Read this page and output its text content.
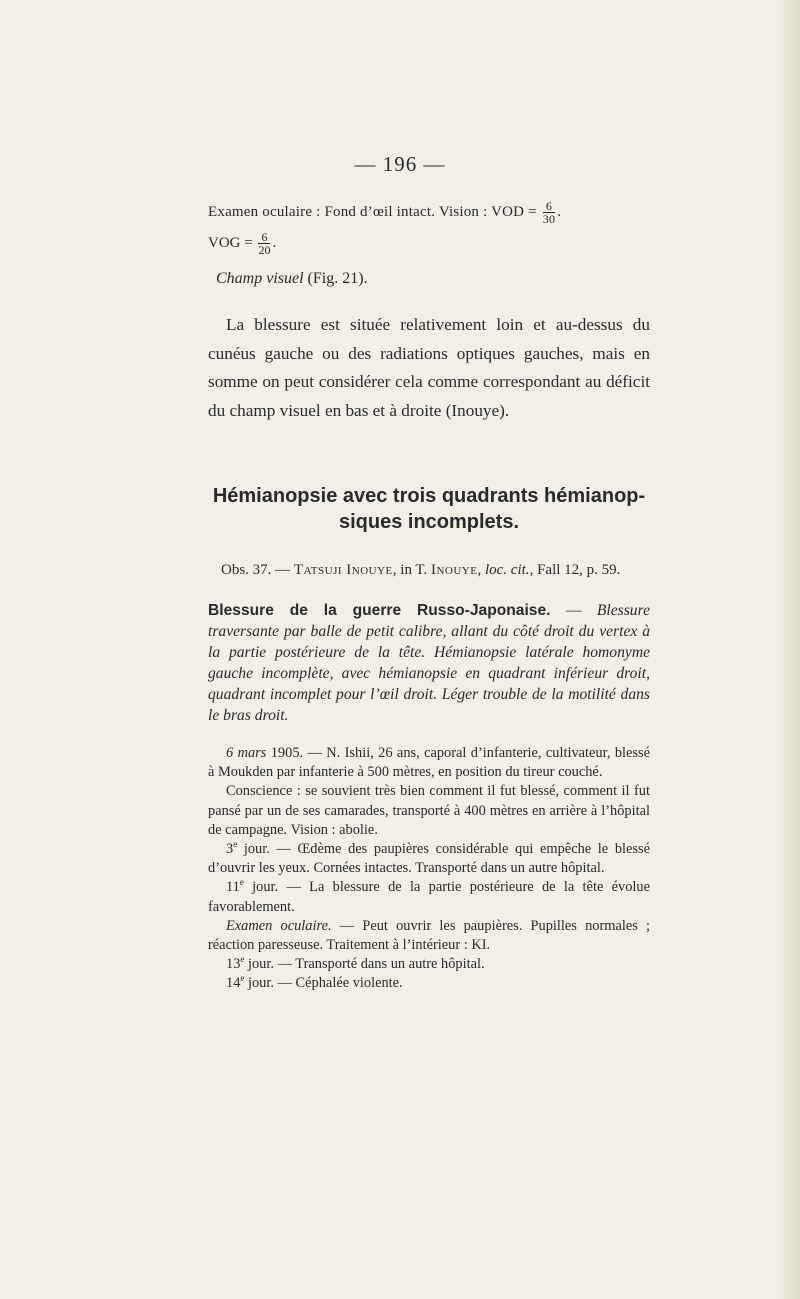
— 196 —
Examen oculaire : Fond d’œil intact. Vision : VOD = $\frac{6}{30}$ .
VOG = $\frac{6}{20}$ .
Champ visuel (Fig. 21).
La blessure est située relativement loin et au-dessus du cunéus gauche ou des radiations optiques gauches, mais en somme on peut considérer cela comme correspondant au déficit du champ visuel en bas et à droite (Inouye).
Hémianopsie avec trois quadrants hémianop-siques incomplets.
Obs. 37. — Tatsuji Inouye, in T. Inouye, loc. cit., Fall 12, p. 59.
Blessure de la guerre Russo-Japonaise. — Blessure traversante par balle de petit calibre, allant du côté droit du vertex à la partie postérieure de la tête. Hémianopsie latérale homonyme gauche incomplète, avec hémianopsie en quadrant inférieur droit, quadrant incomplet pour l’œil droit. Léger trouble de la motilité dans le bras droit.

6 mars 1905. — N. Ishii, 26 ans, caporal d’infanterie, cultivateur, blessé à Moukden par infanterie à 500 mètres, en position du tireur couché.

Conscience : se souvient très bien comment il fut blessé, comment il fut pansé par un de ses camarades, transporté à 400 mètres en arrière à l’hôpital de campagne. Vision : abolie.

3e jour. — Œdème des paupières considérable qui empêche le blessé d’ouvrir les yeux. Cornées intactes. Transporté dans un autre hôpital.

11e jour. — La blessure de la partie postérieure de la tête évolue favorablement.

Examen oculaire. — Peut ouvrir les paupières. Pupilles normales ; réaction paresseuse. Traitement à l’intérieur : KI.

13e jour. — Transporté dans un autre hôpital.

14e jour. — Céphalée violente.
